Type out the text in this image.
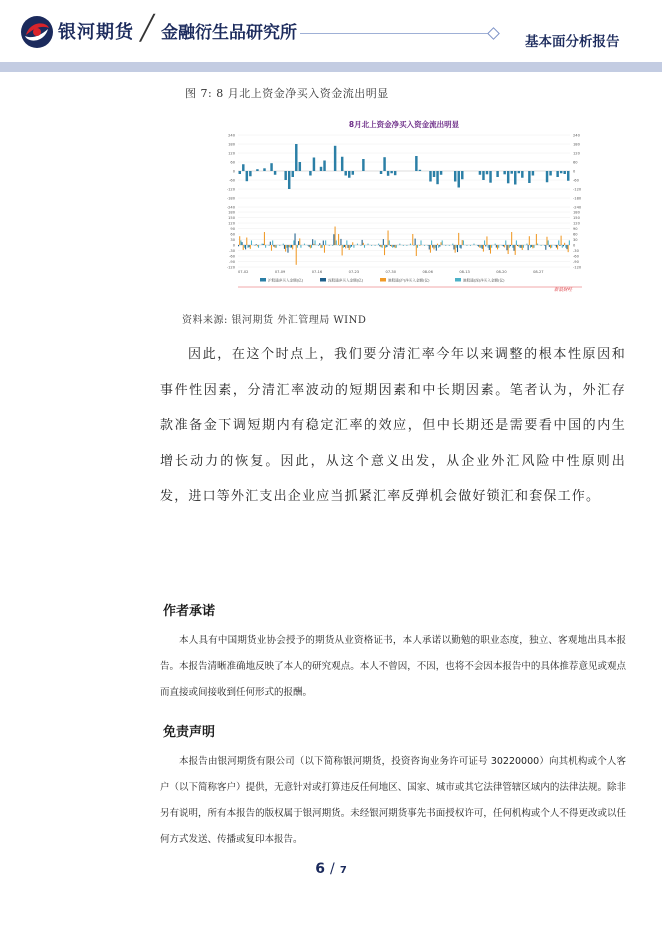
银河期货 ╱ 金融衍生品研究所	基本面分析报告
图 7: 8 月北上资金净买入资金流出明显
8月北上资金净买入资金流出明显
240	240
180	180
120	120
60	60
0	0
-60	-60
-120	-120
-180	-180
-240	-240
180	180
150	150
120	120
90	90
60	60
30	30
0	0
-30	-30
-60	-60
-90	-90
-120	-120
07-02	07-09	07-16	07-23	07-30	08-06	08-13	08-20	08-27
沪股通净买入金额(亿)	深股通净买入金额(亿)	港股通(沪)净买入金额(亿)	港股通(深)净买入金额(亿)
新浪财经
资料来源: 银河期货 外汇管理局 WIND

因此，在这个时点上，我们要分清汇率今年以来调整的根本性原因和事件性因素，分清汇率波动的短期因素和中长期因素。笔者认为，外汇存款准备金下调短期内有稳定汇率的效应，但中长期还是需要看中国的内生增长动力的恢复。因此，从这个意义出发，从企业外汇风险中性原则出发，进口等外汇支出企业应当抓紧汇率反弹机会做好锁汇和套保工作。

作者承诺

本人具有中国期货业协会授予的期货从业资格证书，本人承诺以勤勉的职业态度，独立、客观地出具本报告。本报告清晰准确地反映了本人的研究观点。本人不曾因，不因，也将不会因本报告中的具体推荐意见或观点而直接或间接收到任何形式的报酬。

免责声明

本报告由银河期货有限公司（以下简称银河期货，投资咨询业务许可证号 30220000）向其机构或个人客户（以下简称客户）提供，无意针对或打算违反任何地区、国家、城市或其它法律管辖区域内的法律法规。除非另有说明，所有本报告的版权属于银河期货。未经银河期货事先书面授权许可，任何机构或个人不得更改或以任何方式发送、传播或复印本报告。

6 / 7
